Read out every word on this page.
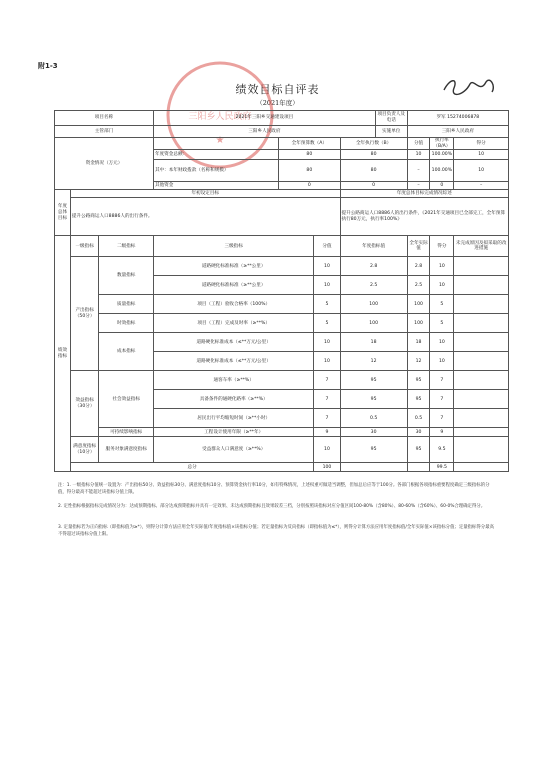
附1-3
绩效目标自评表
（2021年度）
三阳乡人民政府
★
项目名称			2021年三阳乡交通建设项目				项目负责人及电话	罗军 15274006878		
主管部门			三阳乡人民政府				实施单位	三阳乡人民政府		
资金情况（万元）				全年预算数（A）		全年执行数（B）		分值	执行率（B/A）	得分
			年度资金总额：	80		80		10	100.00%	10
			其中：本年财政拨款（名称和规模）	80		80		–	100.00%	10
			其他资金	0		0		–	0	–
年度总体目标	年初设定目标					年度总体目标完成情况综述				
	提升公路商运人口8886人的出行条件。					提升公路商运人口8886人的出行条件，《2021年交通项目已全部完工，全年预算执行80万元，执行率100%》				
绩效指标	一级指标	二级指标	三级指标		分值	年度指标值		全年实际值	得分	未完成原因及拟采取的改进措施
	产出指标（50分）	数量指标	道路硬化标准标准（≥**公里）		10	2.8		2.8	10	
			道路硬化标准标准（≥**公里）		10	2.5		2.5	10	
		质量指标	项目（工程）验收合格率（100%）		5	100		100	5	
		时效指标	项目（工程）完成及时率（≥**%）		5	100		100	5	
		成本指标	道路硬化标准成本（≤**万元/公里）		10	18		18	10	
			道路硬化标准成本（≤**万元/公里）		10	12		12	10	
	效益指标（30分）	社会效益指标	通客车率（≥**%）		7	95		95	7	
			具备条件的通硬化路率（≥**%）		7	95		95	7	
			居民出行平均缩短时间（≥**小时）		7	0.5		0.5	7	
		可持续影响指标	工程设计使用年限（≥**年）		9	30		30	9	
	满意度指标（10分）	服务对象满意度指标	受益群众人口满意度（≥**%）		10	95		95	9.5	
	总分				100				99.5	
注：1. 一级指标分值统一设置为：产出指标50分、效益指标30分、满意度指标10分、预算资金执行率10分，如有特殊情况，上述权重可做适当调整，但加总后应等于100分。各部门根据各项指标重要程度确定三级指标的分值，得分最高不能超过该指标分值上限。
2. 定性指标根据指标完成情况分为：达成预期指标、部分达成预期指标并具有一定效果、未达成预期指标且效果较差三档，分别按照该指标对应分值区间100-80%（含80%）、80-60%（含60%）、60-0%合理确定得分。
3. 定量指标若为正向指标（即指标值为≥*），则得分计算方法应用全年实际值/年度指标值×该指标分值；若定量指标为反向指标（即指标值为≤*），则得分计算方法应用年度指标值/全年实际值×该指标分值；定量指标得分最高不得超过该指标分值上限。
